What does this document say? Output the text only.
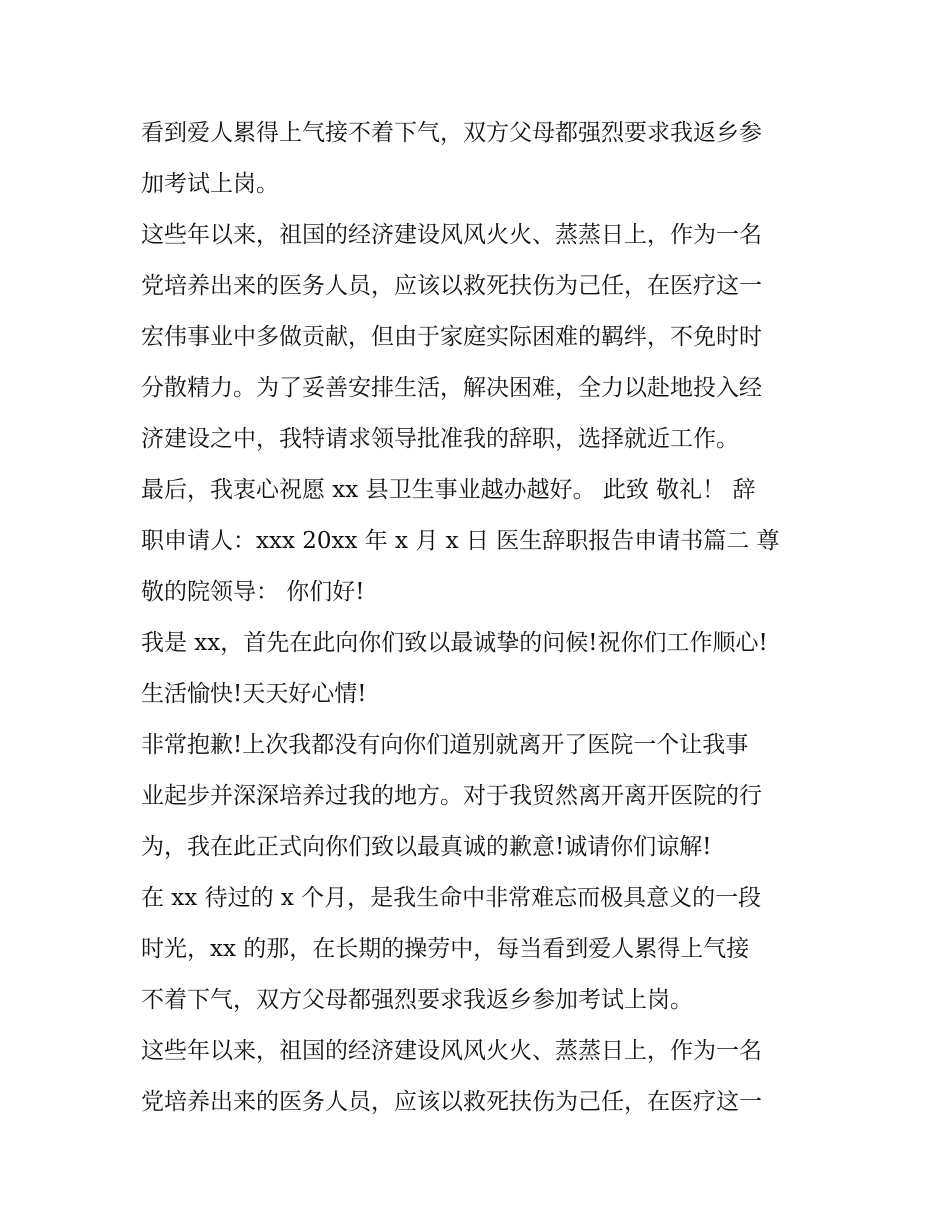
看到爱人累得上气接不着下气，双方父母都强烈要求我返乡参

加考试上岗。

这些年以来，祖国的经济建设风风火火、蒸蒸日上，作为一名

党培养出来的医务人员，应该以救死扶伤为己任，在医疗这一

宏伟事业中多做贡献，但由于家庭实际困难的羁绊，不免时时

分散精力。为了妥善安排生活，解决困难，全力以赴地投入经

济建设之中，我特请求领导批准我的辞职，选择就近工作。

最后，我衷心祝愿 xx 县卫生事业越办越好。 此致 敬礼！ 辞

职申请人：xxx 20xx 年 x 月 x 日 医生辞职报告申请书篇二 尊

敬的院领导： 你们好!

我是 xx，首先在此向你们致以最诚挚的问候!祝你们工作顺心!

生活愉快!天天好心情!

非常抱歉!上次我都没有向你们道别就离开了医院一个让我事

业起步并深深培养过我的地方。对于我贸然离开离开医院的行

为，我在此正式向你们致以最真诚的歉意!诚请你们谅解!

在 xx 待过的 x 个月，是我生命中非常难忘而极具意义的一段

时光，xx 的那，在长期的操劳中，每当看到爱人累得上气接

不着下气，双方父母都强烈要求我返乡参加考试上岗。

这些年以来，祖国的经济建设风风火火、蒸蒸日上，作为一名

党培养出来的医务人员，应该以救死扶伤为己任，在医疗这一
